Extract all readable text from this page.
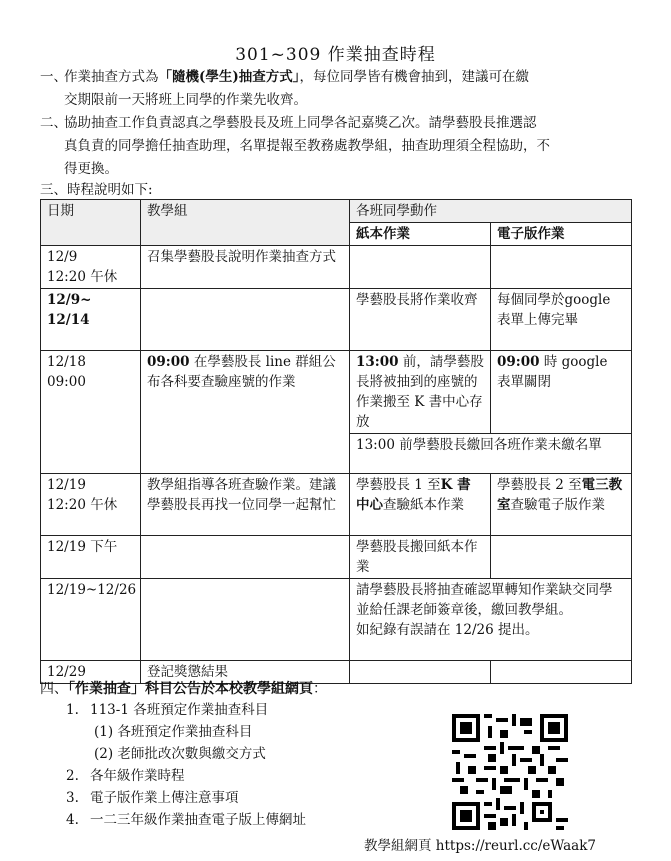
301~309 作業抽查時程
一、
作業抽查方式為「隨機(學生)抽查方式」，每位同學皆有機會抽到，建議可在繳
交期限前一天將班上同學的作業先收齊。
二、
協助抽查工作負責認真之學藝股長及班上同學各記嘉獎乙次。請學藝股長推選認
真負責的同學擔任抽查助理，名單提報至教務處教學組，抽查助理須全程協助，不
得更換。
三、時程說明如下:
日期	教學組	各班同學動作	
		紙本作業	電子版作業
12/9
12:20 午休	召集學藝股長說明作業抽查方式		
12/9~
12/14		學藝股長將作業收齊	每個同學於google 表單上傳完畢
12/18
09:00	09:00 在學藝股長 line 群組公布各科要查驗座號的作業	13:00 前，請學藝股長將被抽到的座號的作業搬至 K 書中心存放	09:00 時 google 表單關閉
		13:00 前學藝股長繳回各班作業未繳名單	
12/19
12:20 午休	教學組指導各班查驗作業。建議學藝股長再找一位同學一起幫忙	學藝股長 1 至K 書中心查驗紙本作業	學藝股長 2 至電三教室查驗電子版作業
12/19 下午		學藝股長搬回紙本作業	
12/19~12/26		請學藝股長將抽查確認單轉知作業缺交同學並給任課老師簽章後，繳回教學組。
如紀錄有誤請在 12/26 提出。	
12/29	登記獎懲結果		
四、「作業抽查」科目公告於本校教學組網頁：
1. 113-1 各班預定作業抽查科目
(1) 各班預定作業抽查科目
(2) 老師批改次數與繳交方式
2. 各年級作業時程
3. 電子版作業上傳注意事項
4. 一二三年級作業抽查電子版上傳網址
教學組網頁 https://reurl.cc/eWaak7
